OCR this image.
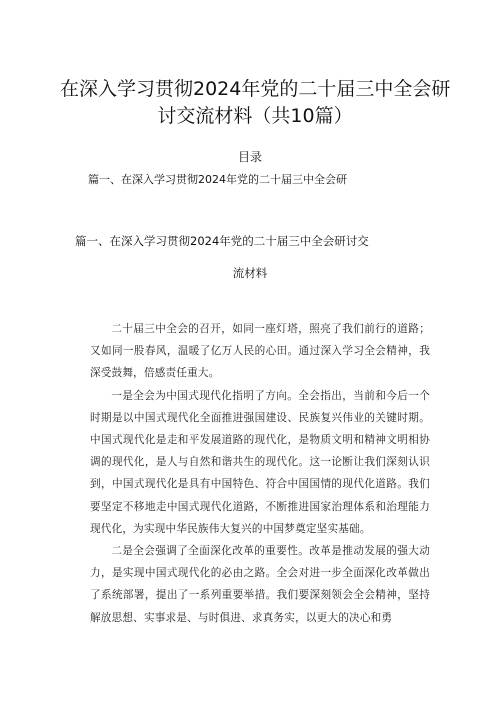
在深入学习贯彻2024年党的二十届三中全会研
讨交流材料（共10篇）
目录
篇一、在深入学习贯彻2024年党的二十届三中全会研
篇一、在深入学习贯彻2024年党的二十届三中全会研讨交
流材料

二十届三中全会的召开，如同一座灯塔，照亮了我们前行的道路；又如同一股春风，温暖了亿万人民的心田。通过深入学习全会精神，我深受鼓舞，倍感责任重大。

一是全会为中国式现代化指明了方向。全会指出，当前和今后一个时期是以中国式现代化全面推进强国建设、民族复兴伟业的关键时期。中国式现代化是走和平发展道路的现代化，是物质文明和精神文明相协调的现代化，是人与自然和谐共生的现代化。这一论断让我们深刻认识到，中国式现代化是具有中国特色、符合中国国情的现代化道路。我们要坚定不移地走中国式现代化道路，不断推进国家治理体系和治理能力现代化，为实现中华民族伟大复兴的中国梦奠定坚实基础。

二是全会强调了全面深化改革的重要性。改革是推动发展的强大动力，是实现中国式现代化的必由之路。全会对进一步全面深化改革做出了系统部署，提出了一系列重要举措。我们要深刻领会全会精神，坚持解放思想、实事求是、与时俱进、求真务实，以更大的决心和勇
